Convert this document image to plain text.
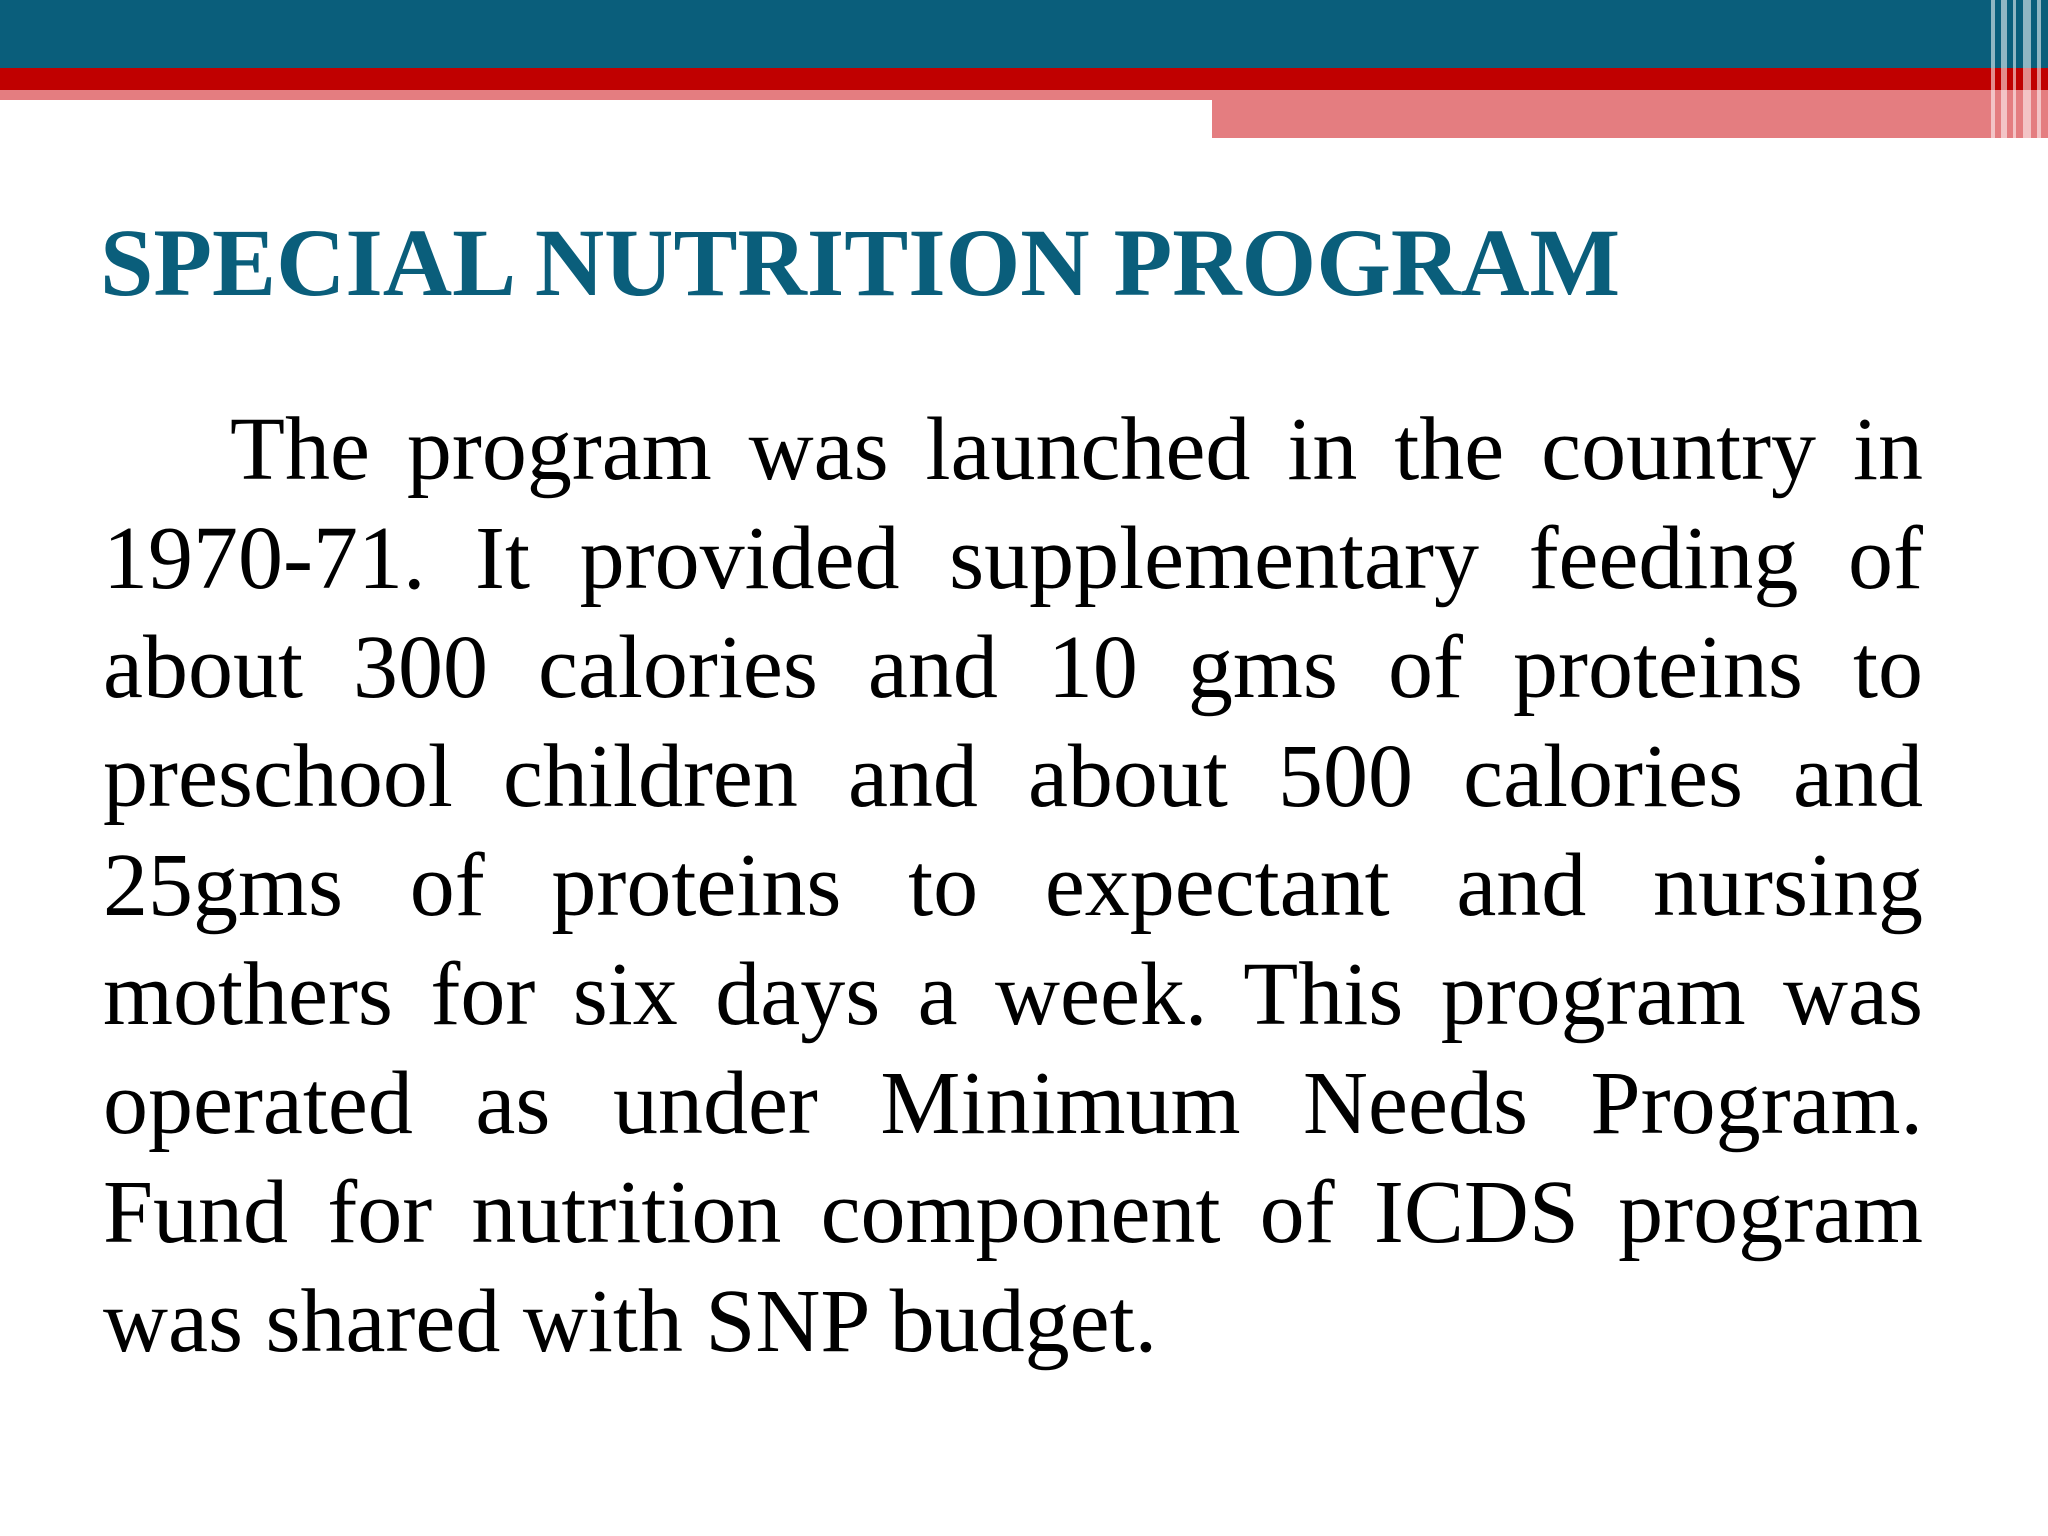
SPECIAL NUTRITION PROGRAM

The program was launched in the country in 1970-71. It provided supplementary feeding of about 300 calories and 10 gms of proteins to preschool children and about 500 calories and 25gms of proteins to expectant and nursing mothers for six days a week. This program was operated as under Minimum Needs Program. Fund for nutrition component of ICDS program was shared with SNP budget.
